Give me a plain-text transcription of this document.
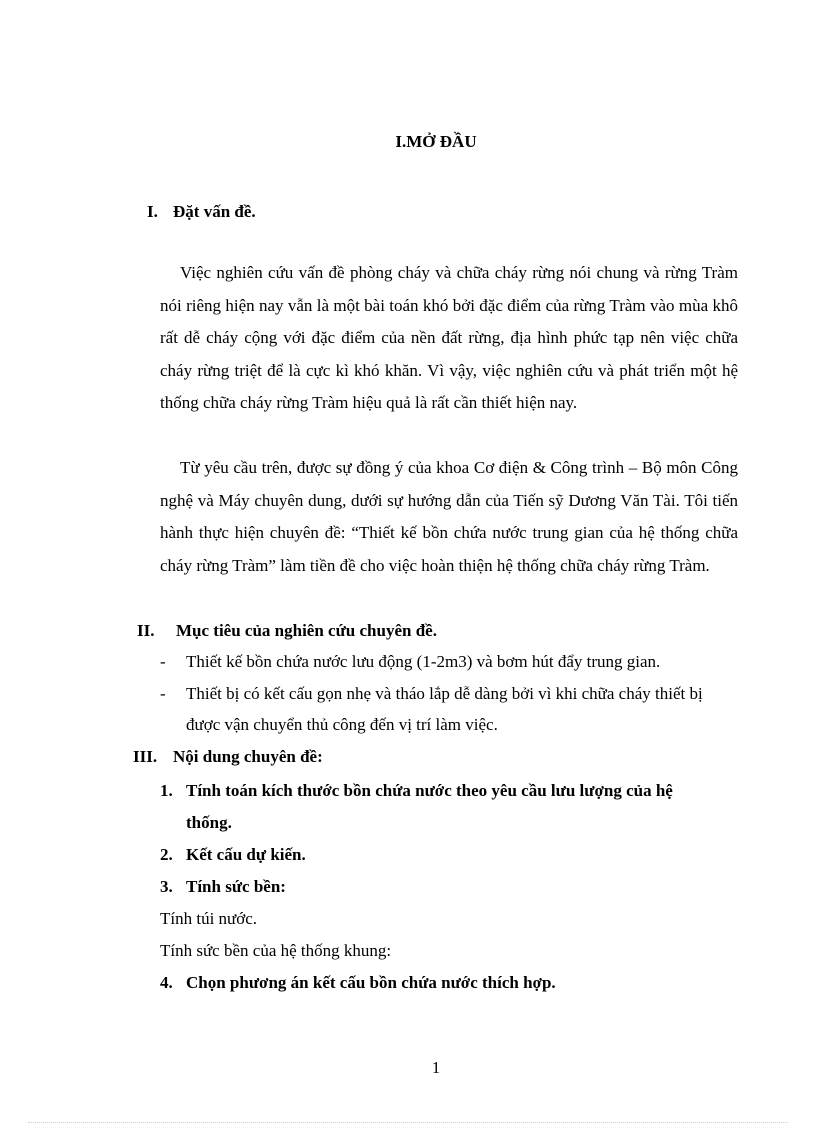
I.MỞ ĐẦU
I. Đặt vấn đề.
Việc nghiên cứu vấn đề phòng cháy và chữa cháy rừng nói chung và rừng Tràm nói riêng hiện nay vẫn là một bài toán khó bởi đặc điểm của rừng Tràm vào mùa khô rất dễ cháy cộng với đặc điểm của nền đất rừng, địa hình phức tạp nên việc chữa cháy rừng triệt để là cực kì khó khăn. Vì vậy, việc nghiên cứu và phát triển một hệ thống chữa cháy rừng Tràm hiệu quả là rất cần thiết hiện nay.
Từ yêu cầu trên, được sự đồng ý của khoa Cơ điện & Công trình – Bộ môn Công nghệ và Máy chuyên dung, dưới sự hướng dẫn của Tiến sỹ Dương Văn Tài. Tôi tiến hành thực hiện chuyên đề: “Thiết kế bồn chứa nước trung gian của hệ thống chữa cháy rừng Tràm” làm tiền đề cho việc hoàn thiện hệ thống chữa cháy rừng Tràm.
II. Mục tiêu của nghiên cứu chuyên đề.
- Thiết kế bồn chứa nước lưu động (1-2m3) và bơm hút đẩy trung gian.
- Thiết bị có kết cấu gọn nhẹ và tháo lắp dễ dàng bởi vì khi chữa cháy thiết bị
được vận chuyển thủ công đến vị trí làm việc.
III. Nội dung chuyên đề:
1. Tính toán kích thước bồn chứa nước theo yêu cầu lưu lượng của hệ
thống.
2. Kết cấu dự kiến.
3. Tính sức bền:
Tính túi nước.
Tính sức bền của hệ thống khung:
4. Chọn phương án kết cấu bồn chứa nước thích hợp.
1
